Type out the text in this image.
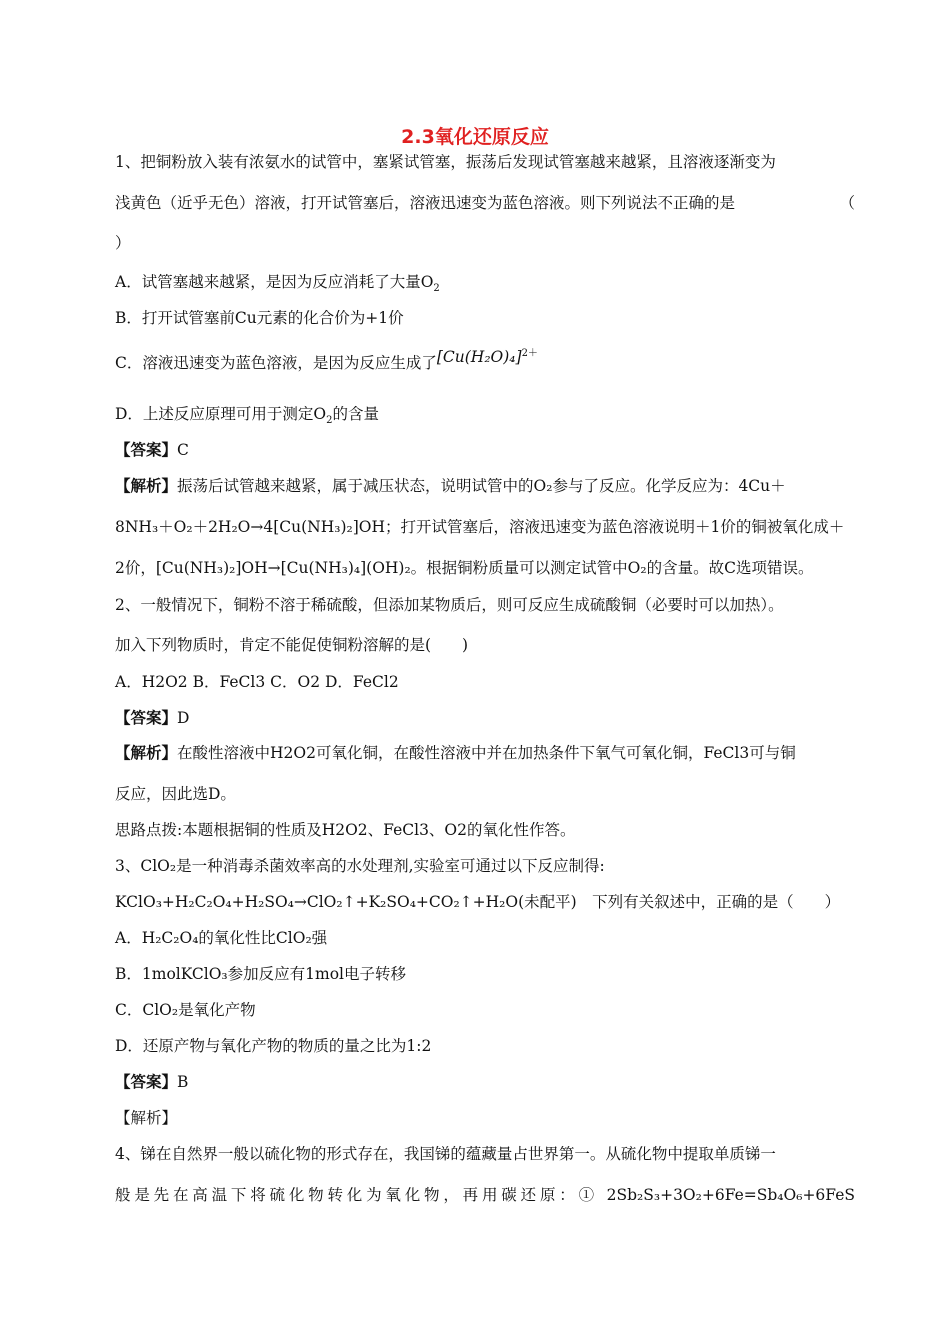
2.3氧化还原反应
1、把铜粉放入装有浓氨水的试管中，塞紧试管塞，振荡后发现试管塞越来越紧，且溶液逐渐变为
浅黄色（近乎无色）溶液，打开试管塞后，溶液迅速变为蓝色溶液。则下列说法不正确的是	（
）
A．试管塞越来越紧，是因为反应消耗了大量$O_2$
B．打开试管塞前Cu元素的化合价为+1价
C．溶液迅速变为蓝色溶液，是因为反应生成了$[Cu(H_2O)_4]^{2+}$
D．上述反应原理可用于测定$O_2$的含量
【答案】C
【解析】振荡后试管越来越紧，属于减压状态，说明试管中的O₂参与了反应。化学反应为：4Cu＋
8NH₃＋O₂＋2H₂O→4[Cu(NH₃)₂]OH；打开试管塞后，溶液迅速变为蓝色溶液说明＋1价的铜被氧化成＋
2价，[Cu(NH₃)₂]OH→[Cu(NH₃)₄](OH)₂。根据铜粉质量可以测定试管中O₂的含量。故C选项错误。
2、一般情况下，铜粉不溶于稀硫酸，但添加某物质后，则可反应生成硫酸铜（必要时可以加热）。
加入下列物质时，肯定不能促使铜粉溶解的是(　　)
A．H2O2 B．FeCl3 C．O2 D．FeCl2
【答案】D
【解析】在酸性溶液中H2O2可氧化铜，在酸性溶液中并在加热条件下氧气可氧化铜，FeCl3可与铜
反应，因此选D。
思路点拨:本题根据铜的性质及H2O2、FeCl3、O2的氧化性作答。
3、ClO₂是一种消毒杀菌效率高的水处理剂,实验室可通过以下反应制得:
KClO₃+H₂C₂O₄+H₂SO₄→ClO₂↑+K₂SO₄+CO₂↑+H₂O(未配平)　下列有关叙述中，正确的是（　　）
A．H₂C₂O₄的氧化性比ClO₂强
B．1molKClO₃参加反应有1mol电子转移
C．ClO₂是氧化产物
D．还原产物与氧化产物的物质的量之比为1:2
【答案】B
【解析】
4、锑在自然界一般以硫化物的形式存在，我国锑的蕴藏量占世界第一。从硫化物中提取单质锑一
般是先在高温下将硫化物转化为氧化物，再用碳还原：① 2Sb₂S₃+3O₂+6Fe=Sb₄O₆+6FeS
